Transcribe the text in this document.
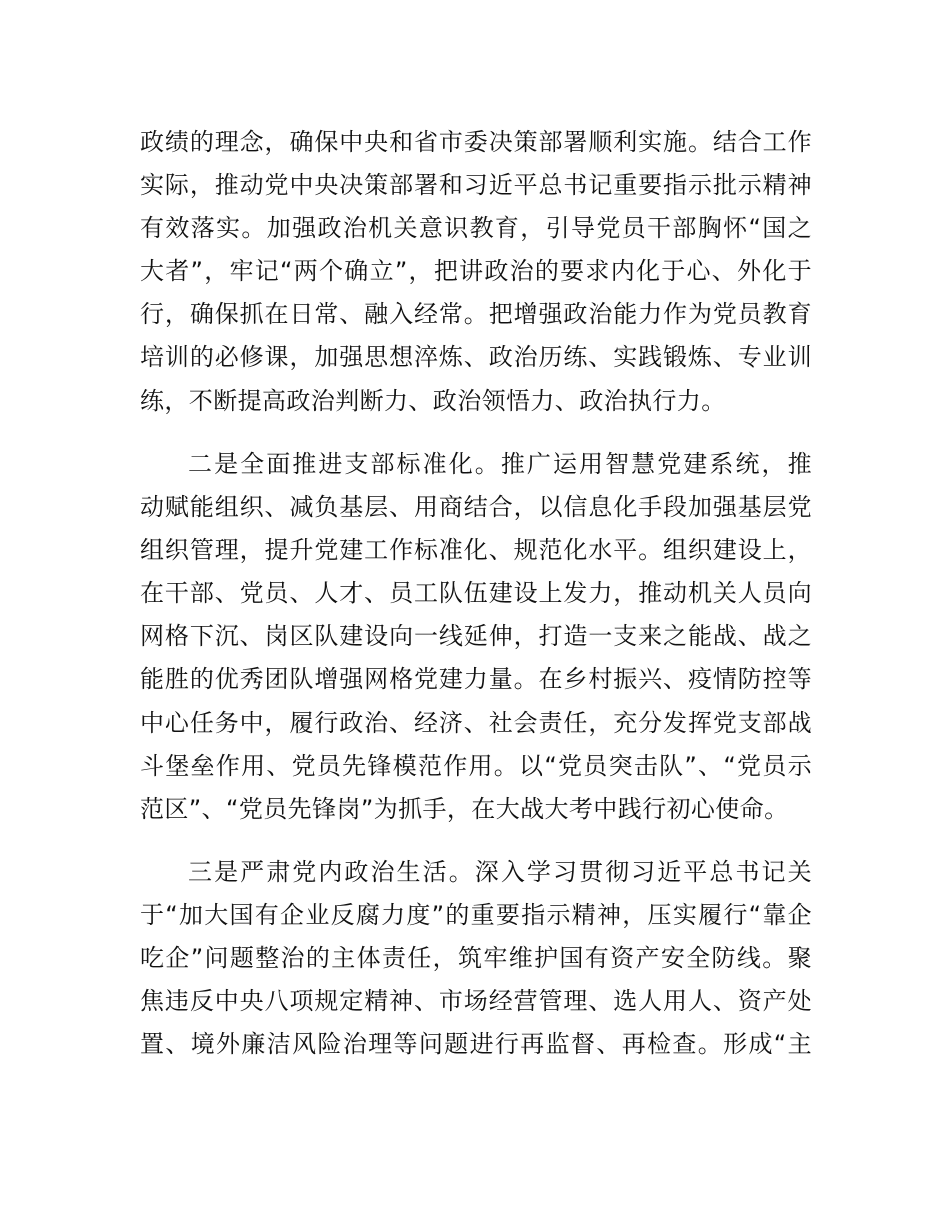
政绩的理念，确保中央和省市委决策部署顺利实施。结合工作
实际，推动党中央决策部署和习近平总书记重要指示批示精神
有效落实。加强政治机关意识教育，引导党员干部胸怀“国之
大者”，牢记“两个确立”，把讲政治的要求内化于心、外化于
行，确保抓在日常、融入经常。把增强政治能力作为党员教育
培训的必修课，加强思想淬炼、政治历练、实践锻炼、专业训
练，不断提高政治判断力、政治领悟力、政治执行力。
二是全面推进支部标准化。推广运用智慧党建系统，推
动赋能组织、减负基层、用商结合，以信息化手段加强基层党
组织管理，提升党建工作标准化、规范化水平。组织建设上，
在干部、党员、人才、员工队伍建设上发力，推动机关人员向
网格下沉、岗区队建设向一线延伸，打造一支来之能战、战之
能胜的优秀团队增强网格党建力量。在乡村振兴、疫情防控等
中心任务中，履行政治、经济、社会责任，充分发挥党支部战
斗堡垒作用、党员先锋模范作用。以“党员突击队”、“党员示
范区”、“党员先锋岗”为抓手，在大战大考中践行初心使命。
三是严肃党内政治生活。深入学习贯彻习近平总书记关
于“加大国有企业反腐力度”的重要指示精神，压实履行“靠企
吃企”问题整治的主体责任，筑牢维护国有资产安全防线。聚
焦违反中央八项规定精神、市场经营管理、选人用人、资产处
置、境外廉洁风险治理等问题进行再监督、再检查。形成“主
